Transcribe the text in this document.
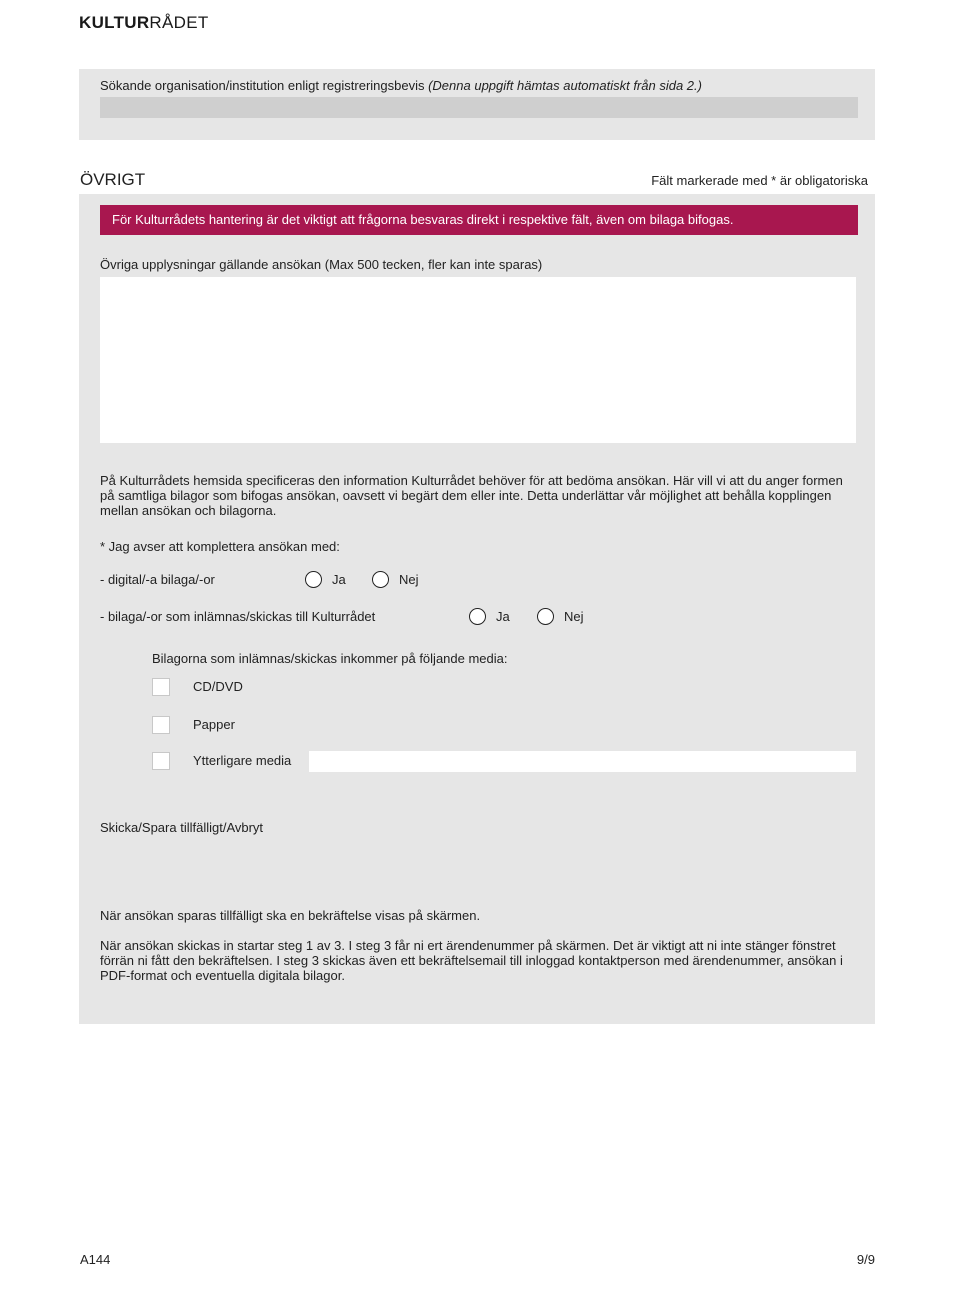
KULTURRÅDET
Sökande organisation/institution enligt registreringsbevis (Denna uppgift hämtas automatiskt från sida 2.)
ÖVRIGT	Fält markerade med * är obligatoriska
För Kulturrådets hantering är det viktigt att frågorna besvaras direkt i respektive fält, även om bilaga bifogas.
Övriga upplysningar gällande ansökan (Max 500 tecken, fler kan inte sparas)
På Kulturrådets hemsida specificeras den information Kulturrådet behöver för att bedöma ansökan. Här vill vi att du anger formen på samtliga bilagor som bifogas ansökan, oavsett vi begärt dem eller inte. Detta underlättar vår möjlighet att behålla kopplingen mellan ansökan och bilagorna.
* Jag avser att komplettera ansökan med:
- digital/-a bilaga/-or	Ja	Nej
- bilaga/-or som inlämnas/skickas till Kulturrådet	Ja	Nej
Bilagorna som inlämnas/skickas inkommer på följande media:
CD/DVD
Papper
Ytterligare media
Skicka/Spara tillfälligt/Avbryt
När ansökan sparas tillfälligt ska en bekräftelse visas på skärmen.
När ansökan skickas in startar steg 1 av 3. I steg 3 får ni ert ärendenummer på skärmen. Det är viktigt att ni inte stänger fönstret förrän ni fått den bekräftelsen. I steg 3 skickas även ett bekräftelsemail till inloggad kontaktperson med ärendenummer, ansökan i PDF-format och eventuella digitala bilagor.
A144	9/9
